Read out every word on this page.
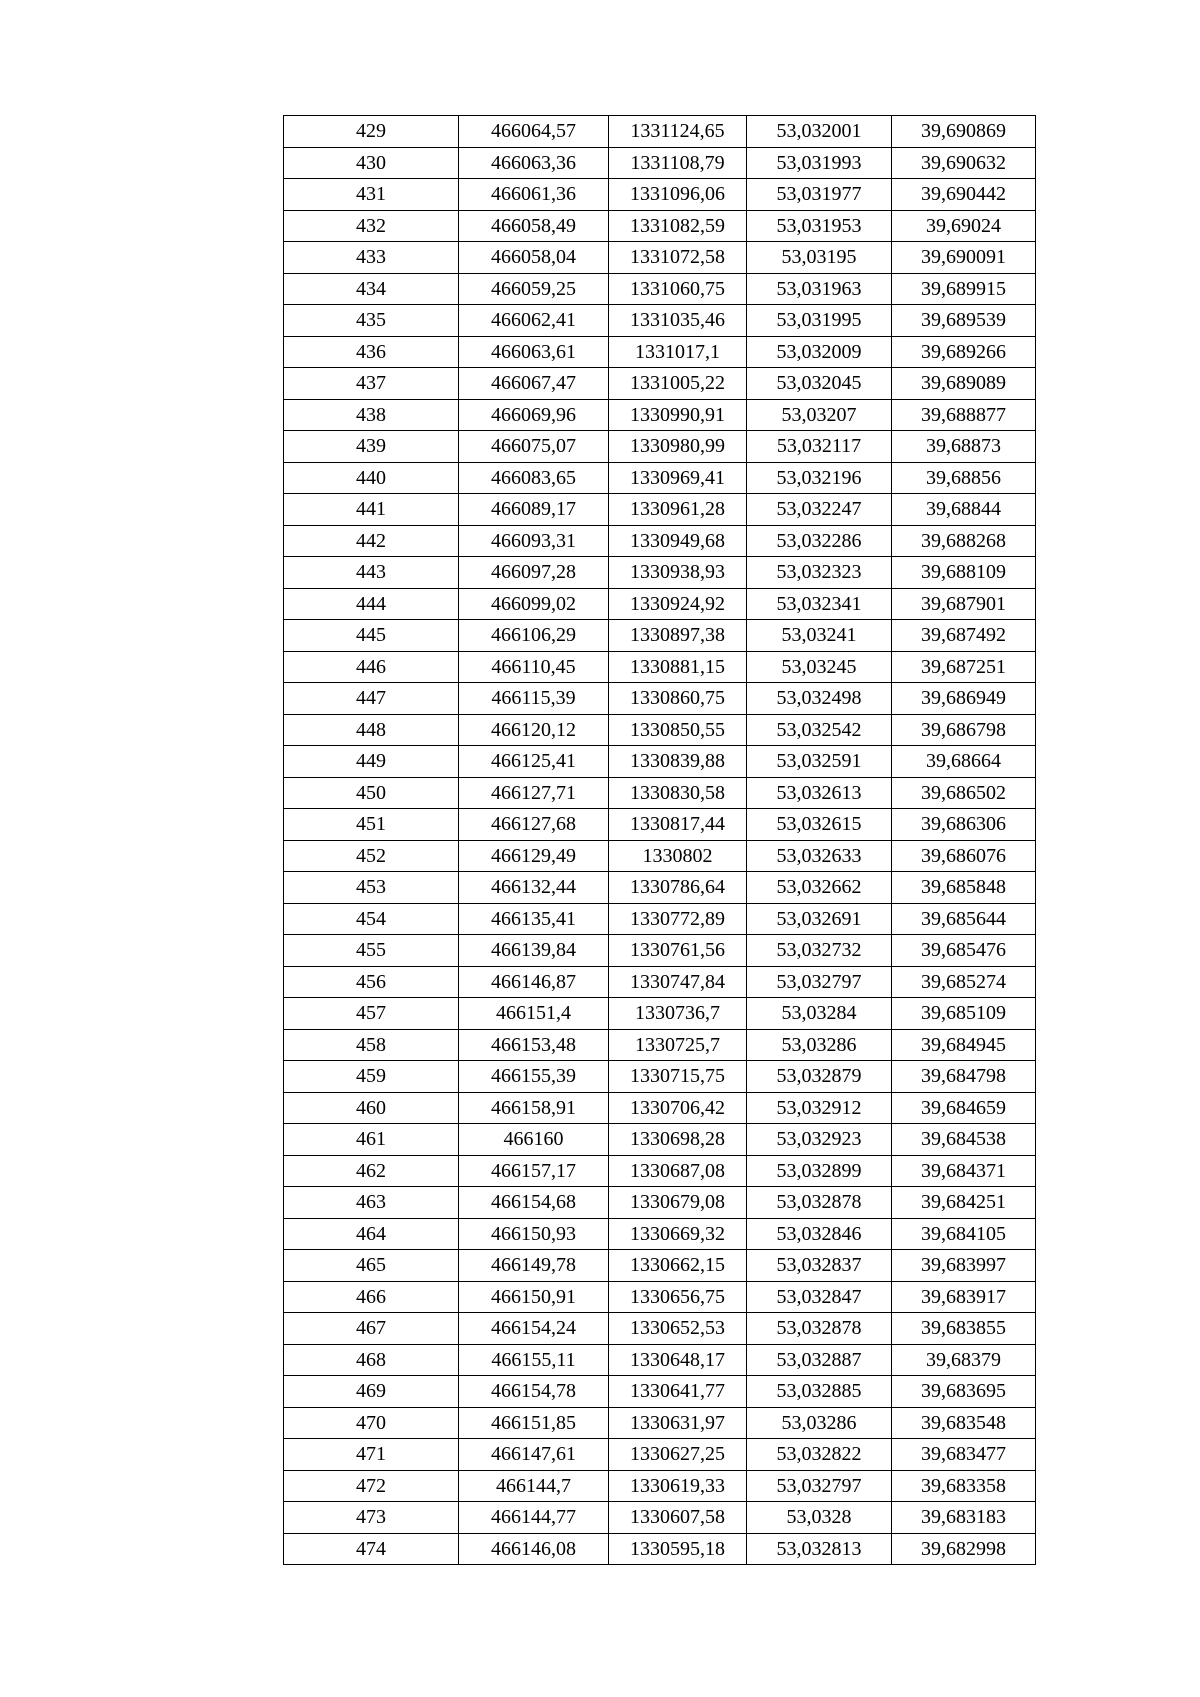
429	466064,57	1331124,65	53,032001	39,690869
430	466063,36	1331108,79	53,031993	39,690632
431	466061,36	1331096,06	53,031977	39,690442
432	466058,49	1331082,59	53,031953	39,69024
433	466058,04	1331072,58	53,03195	39,690091
434	466059,25	1331060,75	53,031963	39,689915
435	466062,41	1331035,46	53,031995	39,689539
436	466063,61	1331017,1	53,032009	39,689266
437	466067,47	1331005,22	53,032045	39,689089
438	466069,96	1330990,91	53,03207	39,688877
439	466075,07	1330980,99	53,032117	39,68873
440	466083,65	1330969,41	53,032196	39,68856
441	466089,17	1330961,28	53,032247	39,68844
442	466093,31	1330949,68	53,032286	39,688268
443	466097,28	1330938,93	53,032323	39,688109
444	466099,02	1330924,92	53,032341	39,687901
445	466106,29	1330897,38	53,03241	39,687492
446	466110,45	1330881,15	53,03245	39,687251
447	466115,39	1330860,75	53,032498	39,686949
448	466120,12	1330850,55	53,032542	39,686798
449	466125,41	1330839,88	53,032591	39,68664
450	466127,71	1330830,58	53,032613	39,686502
451	466127,68	1330817,44	53,032615	39,686306
452	466129,49	1330802	53,032633	39,686076
453	466132,44	1330786,64	53,032662	39,685848
454	466135,41	1330772,89	53,032691	39,685644
455	466139,84	1330761,56	53,032732	39,685476
456	466146,87	1330747,84	53,032797	39,685274
457	466151,4	1330736,7	53,03284	39,685109
458	466153,48	1330725,7	53,03286	39,684945
459	466155,39	1330715,75	53,032879	39,684798
460	466158,91	1330706,42	53,032912	39,684659
461	466160	1330698,28	53,032923	39,684538
462	466157,17	1330687,08	53,032899	39,684371
463	466154,68	1330679,08	53,032878	39,684251
464	466150,93	1330669,32	53,032846	39,684105
465	466149,78	1330662,15	53,032837	39,683997
466	466150,91	1330656,75	53,032847	39,683917
467	466154,24	1330652,53	53,032878	39,683855
468	466155,11	1330648,17	53,032887	39,68379
469	466154,78	1330641,77	53,032885	39,683695
470	466151,85	1330631,97	53,03286	39,683548
471	466147,61	1330627,25	53,032822	39,683477
472	466144,7	1330619,33	53,032797	39,683358
473	466144,77	1330607,58	53,0328	39,683183
474	466146,08	1330595,18	53,032813	39,682998
